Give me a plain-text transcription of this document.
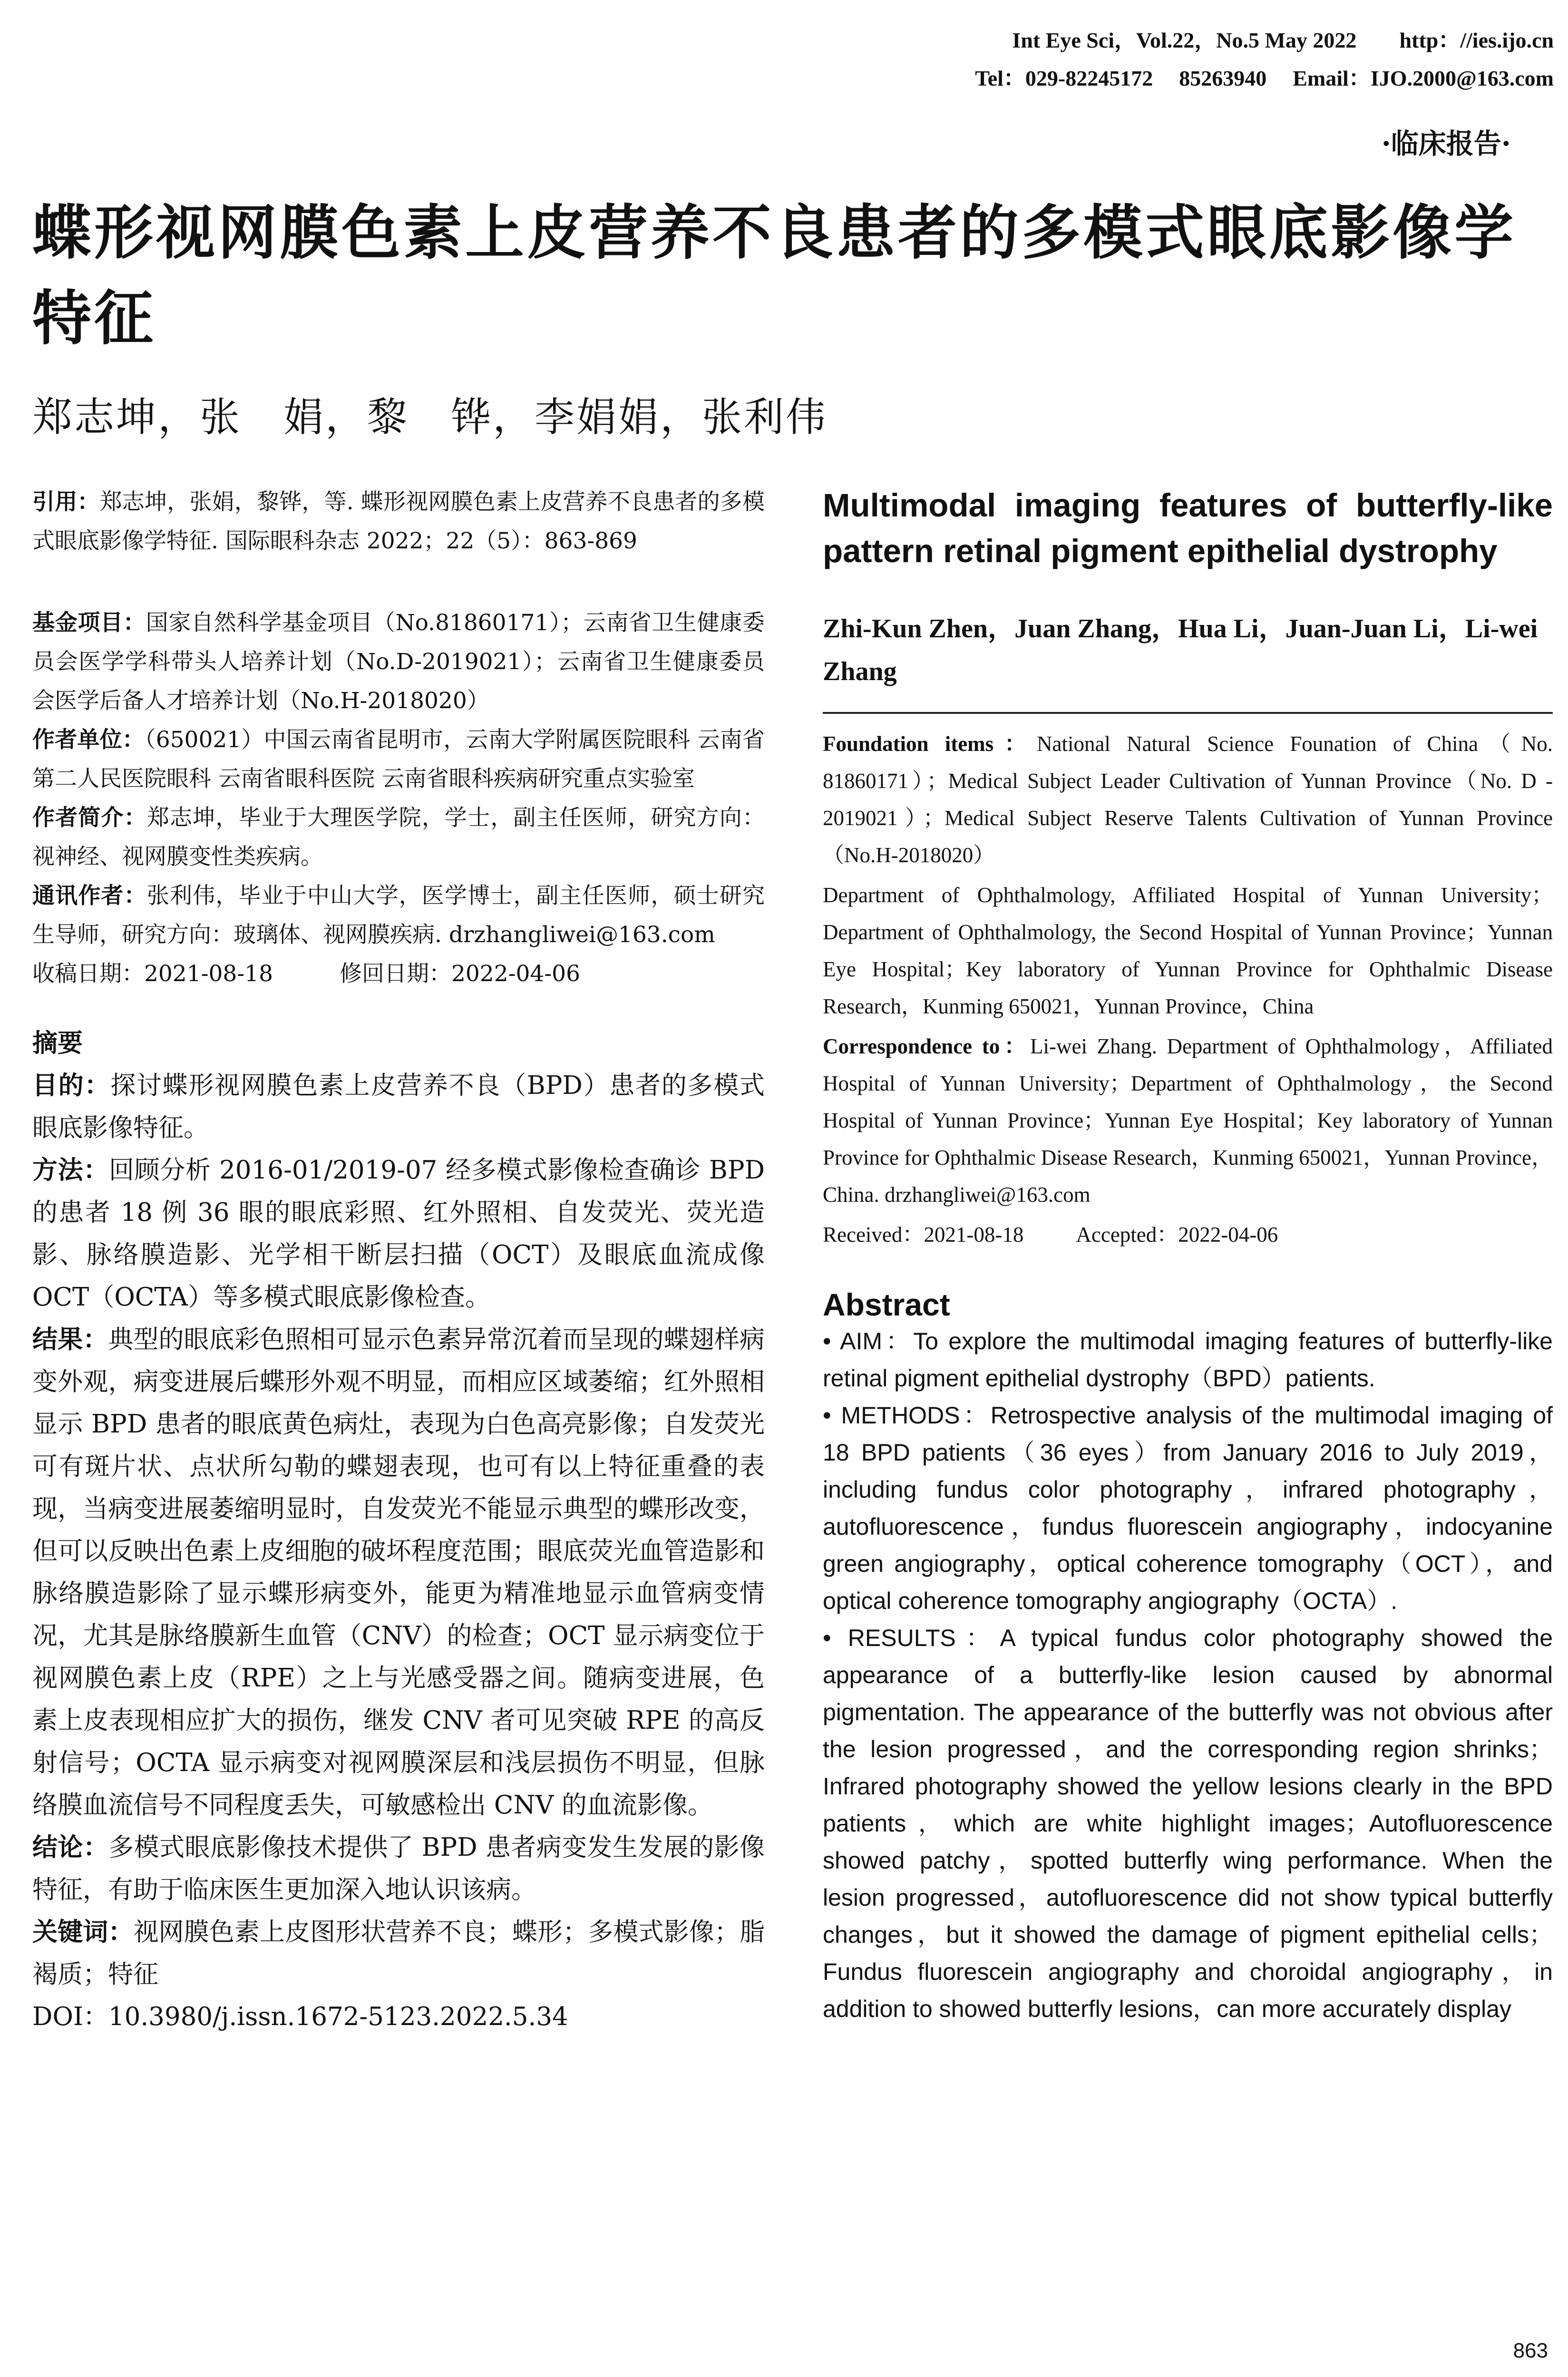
Int Eye Sci，Vol.22，No.5 May 2022 http：//ies.ijo.cn
Tel：029-82245172 85263940 Email：IJO.2000@163.com
·临床报告·
蝶形视网膜色素上皮营养不良患者的多模式眼底影像学特征
郑志坤，张　娟，黎　铧，李娟娟，张利伟

引用：郑志坤，张娟，黎铧，等. 蝶形视网膜色素上皮营养不良患者的多模式眼底影像学特征. 国际眼科杂志 2022；22（5）：863-869

基金项目：国家自然科学基金项目（No.81860171）；云南省卫生健康委员会医学学科带头人培养计划（No.D-2019021）；云南省卫生健康委员会医学后备人才培养计划（No.H-2018020）

作者单位：（650021）中国云南省昆明市，云南大学附属医院眼科 云南省第二人民医院眼科 云南省眼科医院 云南省眼科疾病研究重点实验室

作者简介：郑志坤，毕业于大理医学院，学士，副主任医师，研究方向：视神经、视网膜变性类疾病。

通讯作者：张利伟，毕业于中山大学，医学博士，副主任医师，硕士研究生导师，研究方向：玻璃体、视网膜疾病. drzhangliwei@163.com

收稿日期：2021-08-18	修回日期：2022-04-06

摘要

目的：探讨蝶形视网膜色素上皮营养不良（BPD）患者的多模式眼底影像特征。

方法：回顾分析 2016-01/2019-07 经多模式影像检查确诊 BPD 的患者 18 例 36 眼的眼底彩照、红外照相、自发荧光、荧光造影、脉络膜造影、光学相干断层扫描（OCT）及眼底血流成像 OCT（OCTA）等多模式眼底影像检查。

结果：典型的眼底彩色照相可显示色素异常沉着而呈现的蝶翅样病变外观，病变进展后蝶形外观不明显，而相应区域萎缩；红外照相显示 BPD 患者的眼底黄色病灶，表现为白色高亮影像；自发荧光可有斑片状、点状所勾勒的蝶翅表现，也可有以上特征重叠的表现，当病变进展萎缩明显时，自发荧光不能显示典型的蝶形改变，但可以反映出色素上皮细胞的破坏程度范围；眼底荧光血管造影和脉络膜造影除了显示蝶形病变外，能更为精准地显示血管病变情况，尤其是脉络膜新生血管（CNV）的检查；OCT 显示病变位于视网膜色素上皮（RPE）之上与光感受器之间。随病变进展，色素上皮表现相应扩大的损伤，继发 CNV 者可见突破 RPE 的高反射信号；OCTA 显示病变对视网膜深层和浅层损伤不明显，但脉络膜血流信号不同程度丢失，可敏感检出 CNV 的血流影像。

结论：多模式眼底影像技术提供了 BPD 患者病变发生发展的影像特征，有助于临床医生更加深入地认识该病。

关键词：视网膜色素上皮图形状营养不良；蝶形；多模式影像；脂褐质；特征

DOI：10.3980/j.issn.1672-5123.2022.5.34

Multimodal imaging features of butterfly-like pattern retinal pigment epithelial dystrophy
Zhi-Kun Zhen，Juan Zhang，Hua Li，Juan-Juan Li，Li-wei Zhang

Foundation items：National Natural Science Founation of China（No. 81860171）；Medical Subject Leader Cultivation of Yunnan Province（No. D - 2019021）；Medical Subject Reserve Talents Cultivation of Yunnan Province（No.H-2018020）

Department of Ophthalmology, Affiliated Hospital of Yunnan University；Department of Ophthalmology, the Second Hospital of Yunnan Province；Yunnan Eye Hospital；Key laboratory of Yunnan Province for Ophthalmic Disease Research，Kunming 650021，Yunnan Province，China

Correspondence to：Li-wei Zhang. Department of Ophthalmology，Affiliated Hospital of Yunnan University；Department of Ophthalmology，the Second Hospital of Yunnan Province；Yunnan Eye Hospital；Key laboratory of Yunnan Province for Ophthalmic Disease Research，Kunming 650021，Yunnan Province，China. drzhangliwei@163.com

Received：2021-08-18 Accepted：2022-04-06

Abstract

• AIM：To explore the multimodal imaging features of butterfly-like retinal pigment epithelial dystrophy（BPD）patients.

• METHODS：Retrospective analysis of the multimodal imaging of 18 BPD patients（36 eyes）from January 2016 to July 2019，including fundus color photography，infrared photography，autofluorescence，fundus fluorescein angiography，indocyanine green angiography，optical coherence tomography（OCT），and optical coherence tomography angiography（OCTA）.

• RESULTS：A typical fundus color photography showed the appearance of a butterfly-like lesion caused by abnormal pigmentation. The appearance of the butterfly was not obvious after the lesion progressed，and the corresponding region shrinks；Infrared photography showed the yellow lesions clearly in the BPD patients，which are white highlight images；Autofluorescence showed patchy，spotted butterfly wing performance. When the lesion progressed，autofluorescence did not show typical butterfly changes，but it showed the damage of pigment epithelial cells；Fundus fluorescein angiography and choroidal angiography，in addition to showed butterfly lesions，can more accurately display

863
